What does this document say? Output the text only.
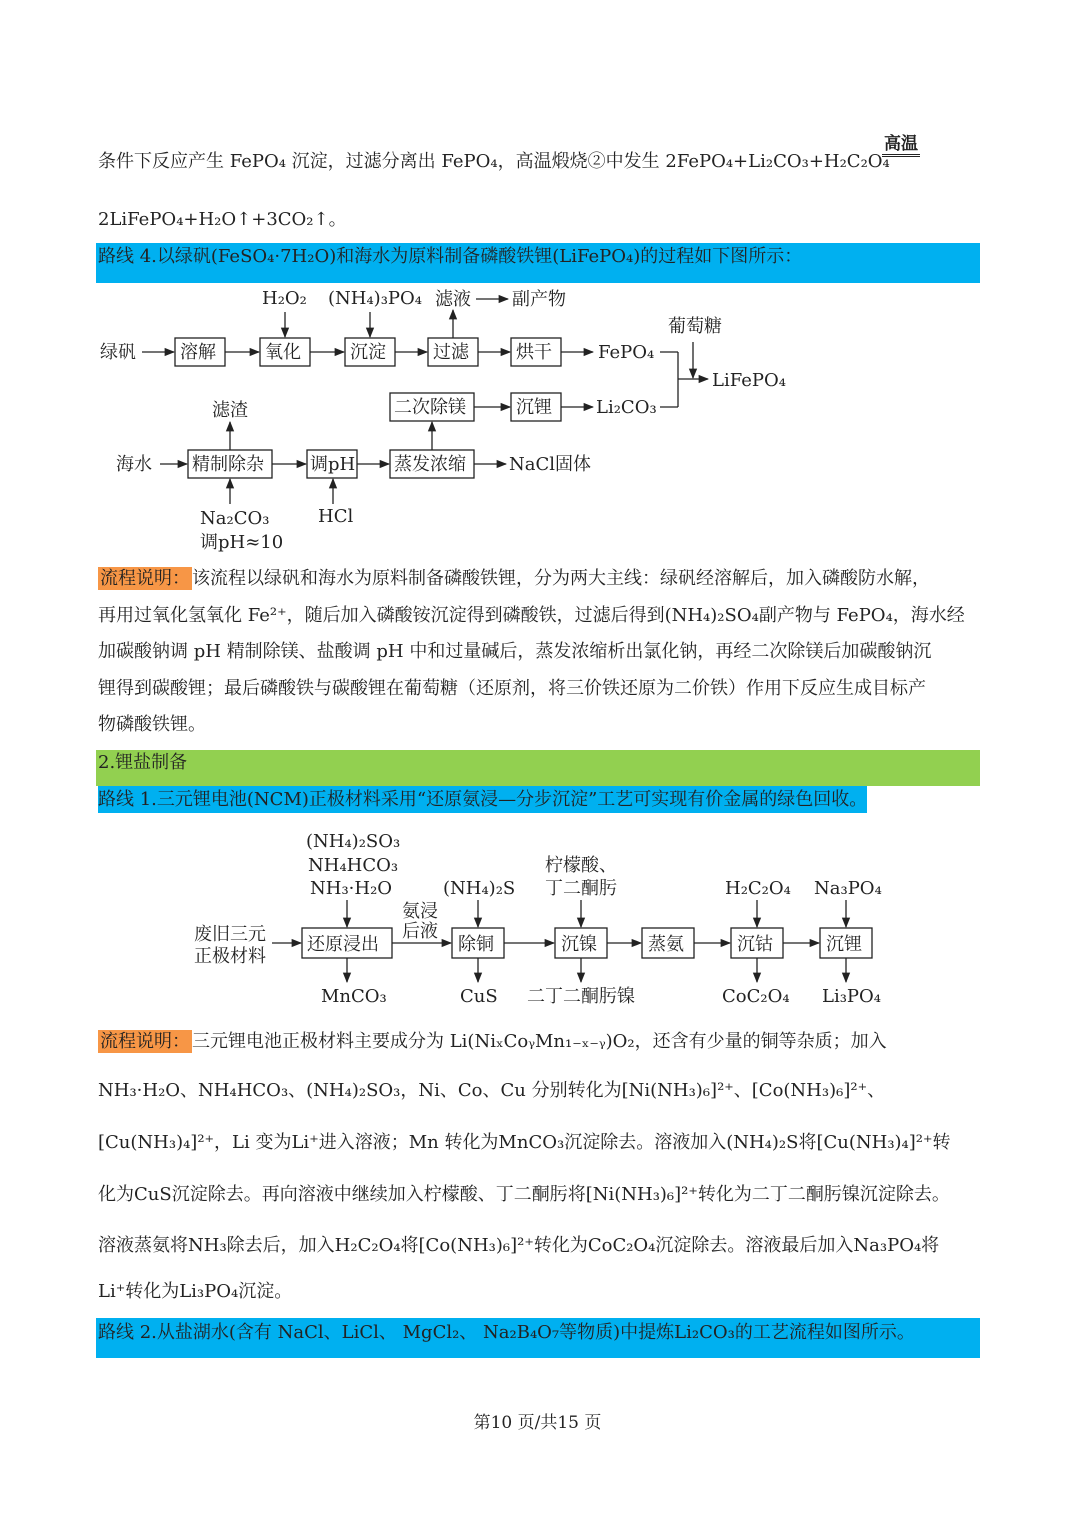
条件下反应产生 FePO₄ 沉淀，过滤分离出 FePO₄，高温煅烧②中发生 2FePO₄+Li₂CO₃+H₂C₂O₄
高温
2LiFePO₄+H₂O↑+3CO₂↑。
路线 4.以绿矾(FeSO₄·7H₂O)和海水为原料制备磷酸铁锂(LiFePO₄)的过程如下图所示：
绿矾 溶解	氧化	沉淀	过滤	烘干	FePO₄
H₂O₂ (NH₄)₃PO₄ 滤液 副产物
葡萄糖
LiFePO₄
二次除镁	沉锂 Li₂CO₃
滤渣
海水 精制除杂	调pH 蒸发浓缩 NaCl固体
Na₂CO₃
调pH≈10
HCl
流程说明： 该流程以绿矾和海水为原料制备磷酸铁锂，分为两大主线：绿矾经溶解后，加入磷酸防水解，
再用过氧化氢氧化 Fe²⁺，随后加入磷酸铵沉淀得到磷酸铁，过滤后得到(NH₄)₂SO₄副产物与 FePO₄，海水经
加碳酸钠调 pH 精制除镁、盐酸调 pH 中和过量碱后，蒸发浓缩析出氯化钠，再经二次除镁后加碳酸钠沉
锂得到碳酸锂；最后磷酸铁与碳酸锂在葡萄糖（还原剂，将三价铁还原为二价铁）作用下反应生成目标产
物磷酸铁锂。
2.锂盐制备
路线 1.三元锂电池(NCM)正极材料采用“还原氨浸—分步沉淀”工艺可实现有价金属的绿色回收。
(NH₄)₂SO₃
NH₄HCO₃
NH₃·H₂O
废旧三元
正极材料
还原浸出
氨浸
后液
(NH₄)₂S
除铜
柠檬酸、
丁二酮肟
沉镍	蒸氨
H₂C₂O₄
沉钴
Na₃PO₄
沉锂
MnCO₃	CuS 二丁二酮肟镍	CoC₂O₄ Li₃PO₄
流程说明： 三元锂电池正极材料主要成分为 Li(NiₓCoᵧMn₁₋ₓ₋ᵧ)O₂，还含有少量的铜等杂质；加入
NH₃·H₂O、NH₄HCO₃、(NH₄)₂SO₃，Ni、Co、Cu 分别转化为[Ni(NH₃)₆]²⁺、[Co(NH₃)₆]²⁺、
[Cu(NH₃)₄]²⁺，Li 变为Li⁺进入溶液；Mn 转化为MnCO₃沉淀除去。溶液加入(NH₄)₂S将[Cu(NH₃)₄]²⁺转
化为CuS沉淀除去。再向溶液中继续加入柠檬酸、丁二酮肟将[Ni(NH₃)₆]²⁺转化为二丁二酮肟镍沉淀除去。
溶液蒸氨将NH₃除去后，加入H₂C₂O₄将[Co(NH₃)₆]²⁺转化为CoC₂O₄沉淀除去。溶液最后加入Na₃PO₄将
Li⁺转化为Li₃PO₄沉淀。
路线 2.从盐湖水(含有 NaCl、LiCl、 MgCl₂、 Na₂B₄O₇等物质)中提炼Li₂CO₃的工艺流程如图所示。
第10 页/共15 页
